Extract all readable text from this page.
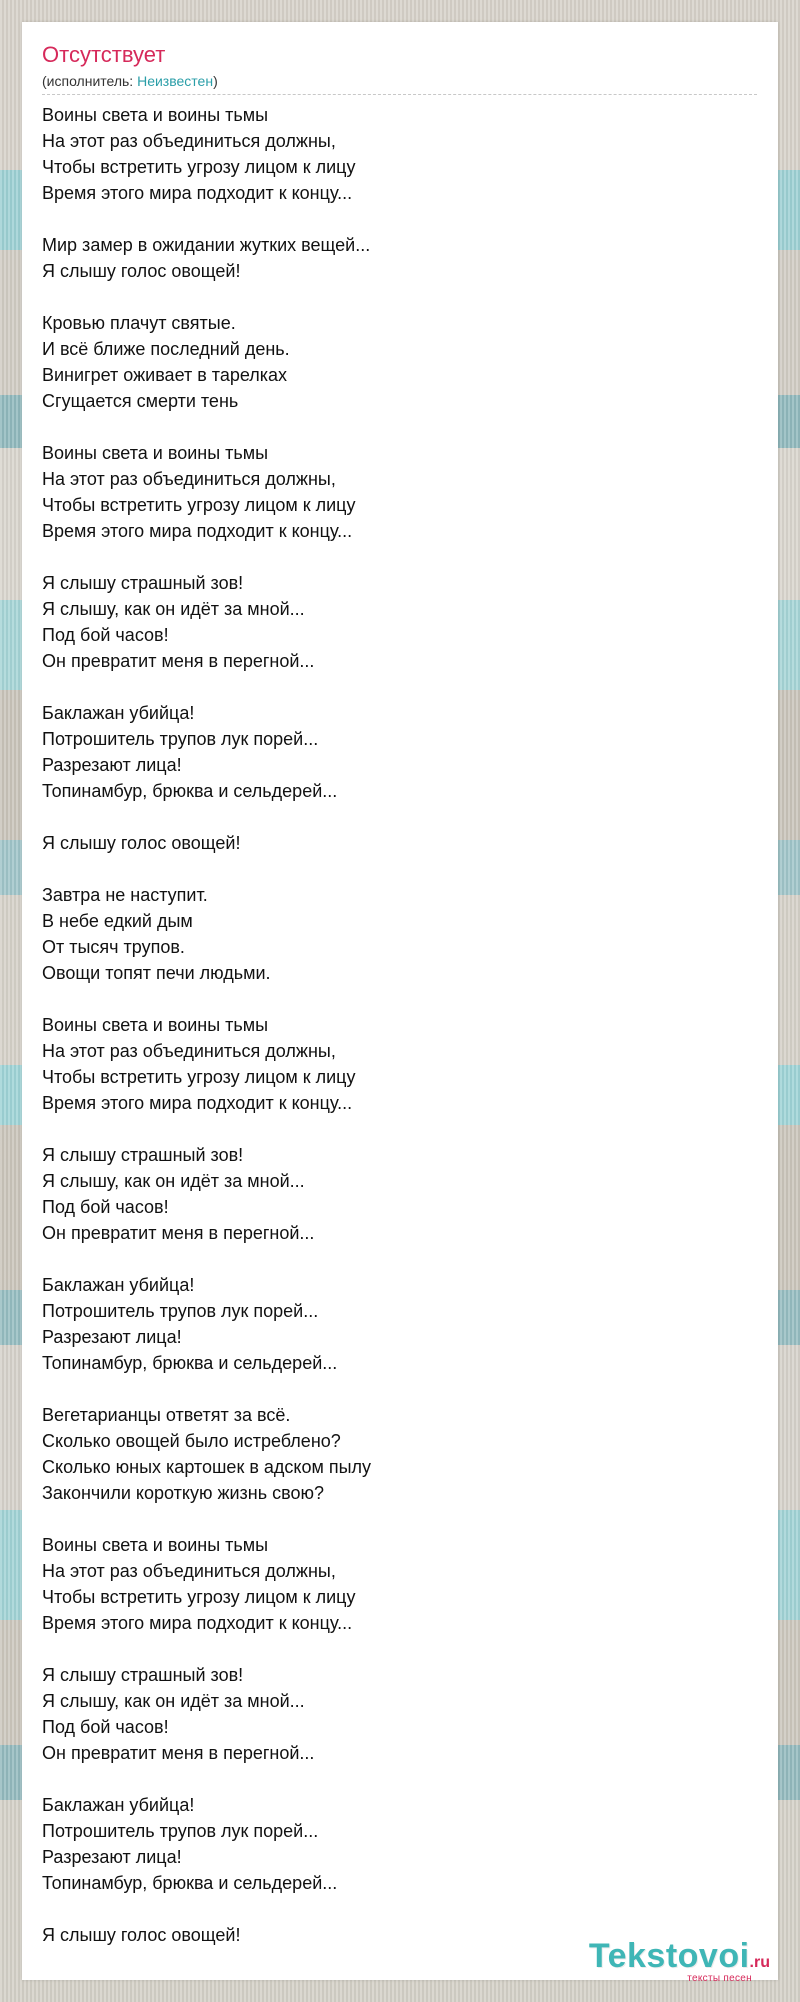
Отсутствует
(исполнитель: Неизвестен)
Воины света и воины тьмы
На этот раз объединиться должны,
Чтобы встретить угрозу лицом к лицу
Время этого мира подходит к концу...

Мир замер в ожидании жутких вещей...
Я слышу голос овощей!

Кровью плачут святые.
И всё ближе последний день.
Винигрет оживает в тарелках
Сгущается смерти тень

Воины света и воины тьмы
На этот раз объединиться должны,
Чтобы встретить угрозу лицом к лицу
Время этого мира подходит к концу...

Я слышу страшный зов!
Я слышу, как он идёт за мной...
Под бой часов!
Он превратит меня в перегной...

Баклажан убийца!
Потрошитель трупов лук порей...
Разрезают лица!
Топинамбур, брюква и сельдерей...

Я слышу голос овощей!

Завтра не наступит.
В небе едкий дым
От тысяч трупов.
Овощи топят печи людьми.

Воины света и воины тьмы
На этот раз объединиться должны,
Чтобы встретить угрозу лицом к лицу
Время этого мира подходит к концу...

Я слышу страшный зов!
Я слышу, как он идёт за мной...
Под бой часов!
Он превратит меня в перегной...

Баклажан убийца!
Потрошитель трупов лук порей...
Разрезают лица!
Топинамбур, брюква и сельдерей...

Вегетарианцы ответят за всё.
Сколько овощей было истреблено?
Сколько юных картошек в адском пылу
Закончили короткую жизнь свою?

Воины света и воины тьмы
На этот раз объединиться должны,
Чтобы встретить угрозу лицом к лицу
Время этого мира подходит к концу...

Я слышу страшный зов!
Я слышу, как он идёт за мной...
Под бой часов!
Он превратит меня в перегной...

Баклажан убийца!
Потрошитель трупов лук порей...
Разрезают лица!
Топинамбур, брюква и сельдерей...

Я слышу голос овощей!
Tekstovoi.ru
тексты песен
